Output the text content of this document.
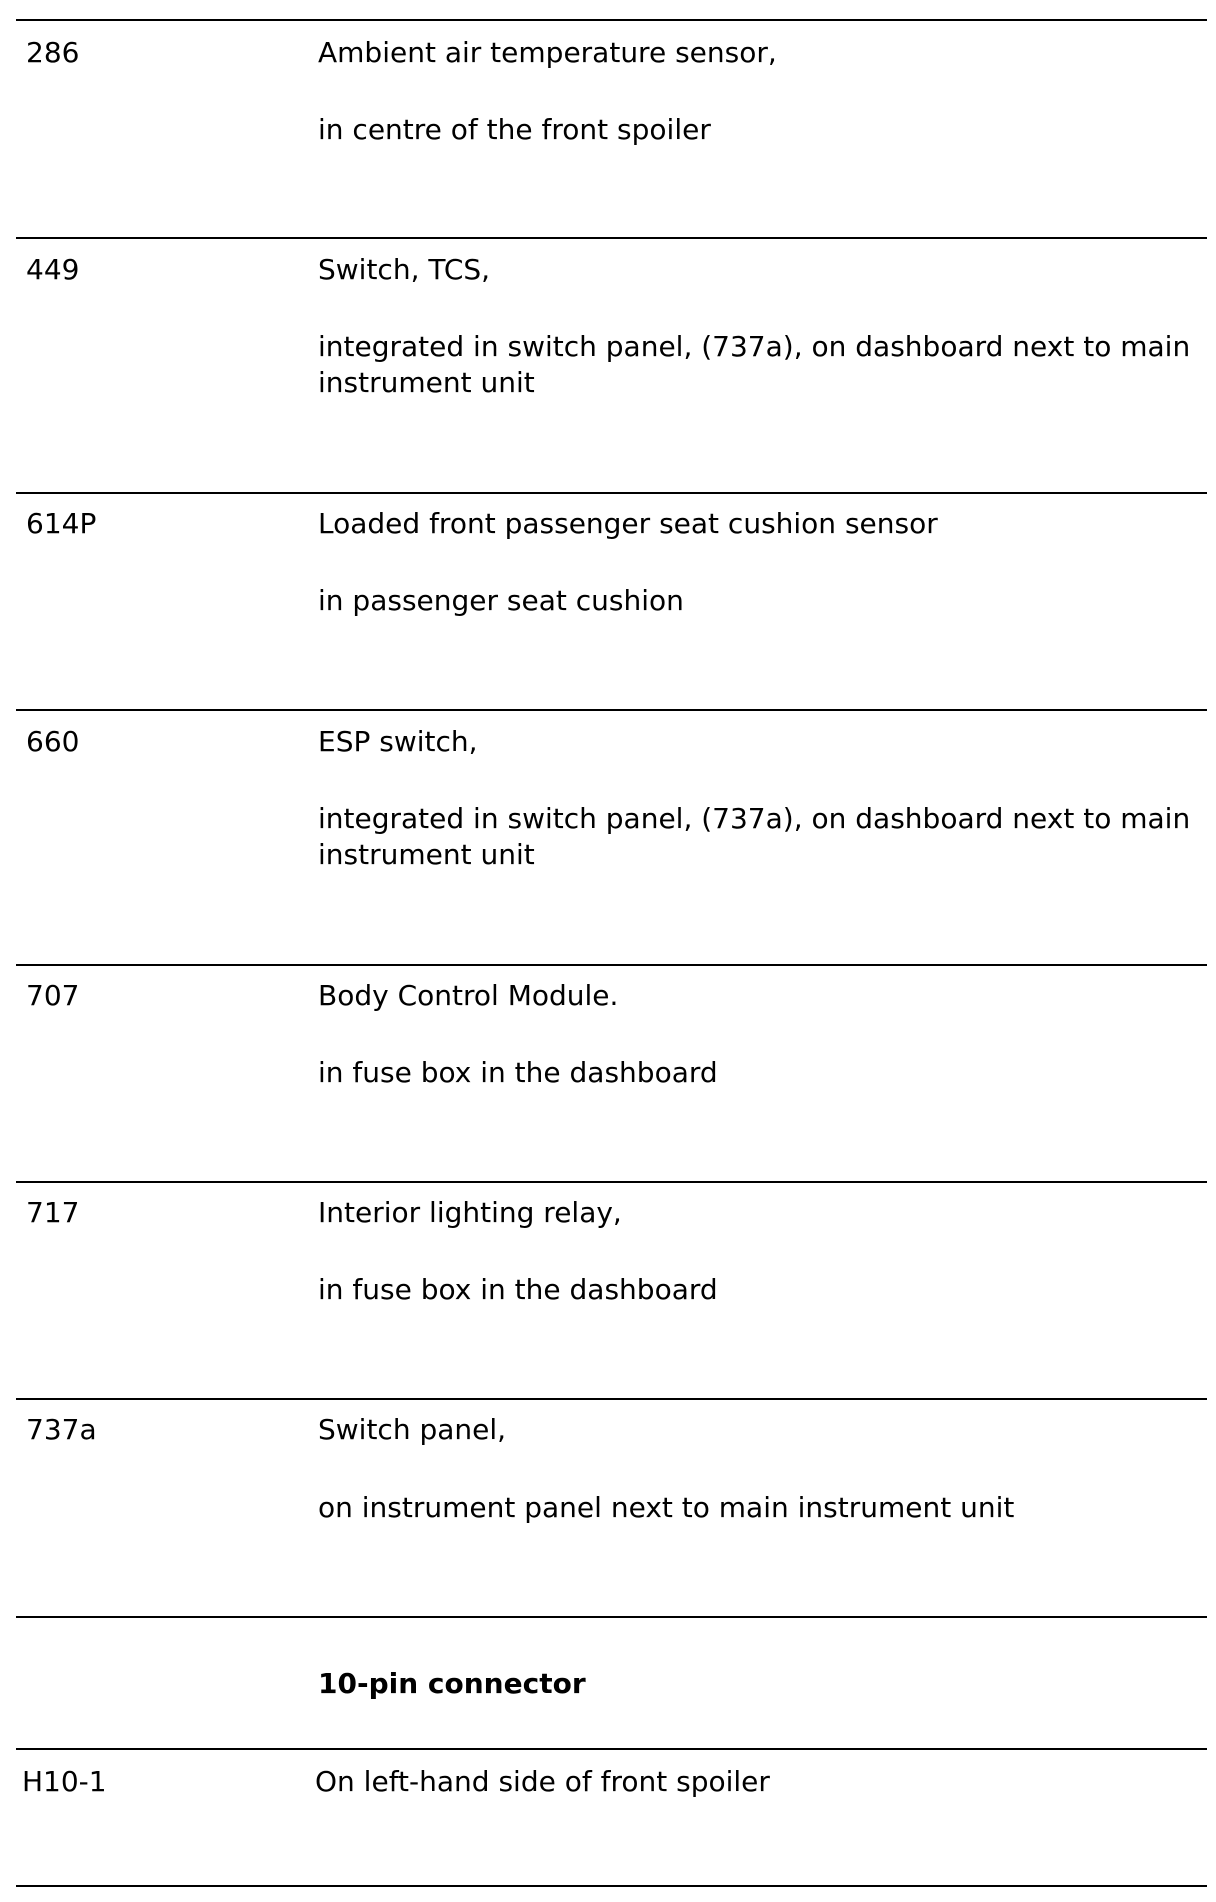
286	Ambient air temperature sensor,
in centre of the front spoiler
449	Switch, TCS,
integrated in switch panel, (737a), on dashboard next to main instrument unit
614P	Loaded front passenger seat cushion sensor
in passenger seat cushion
660	ESP switch,
integrated in switch panel, (737a), on dashboard next to main instrument unit
707	Body Control Module.
in fuse box in the dashboard
717	Interior lighting relay,
in fuse box in the dashboard
737a	Switch panel,
on instrument panel next to main instrument unit
10-pin connector
H10-1	On left-hand side of front spoiler
